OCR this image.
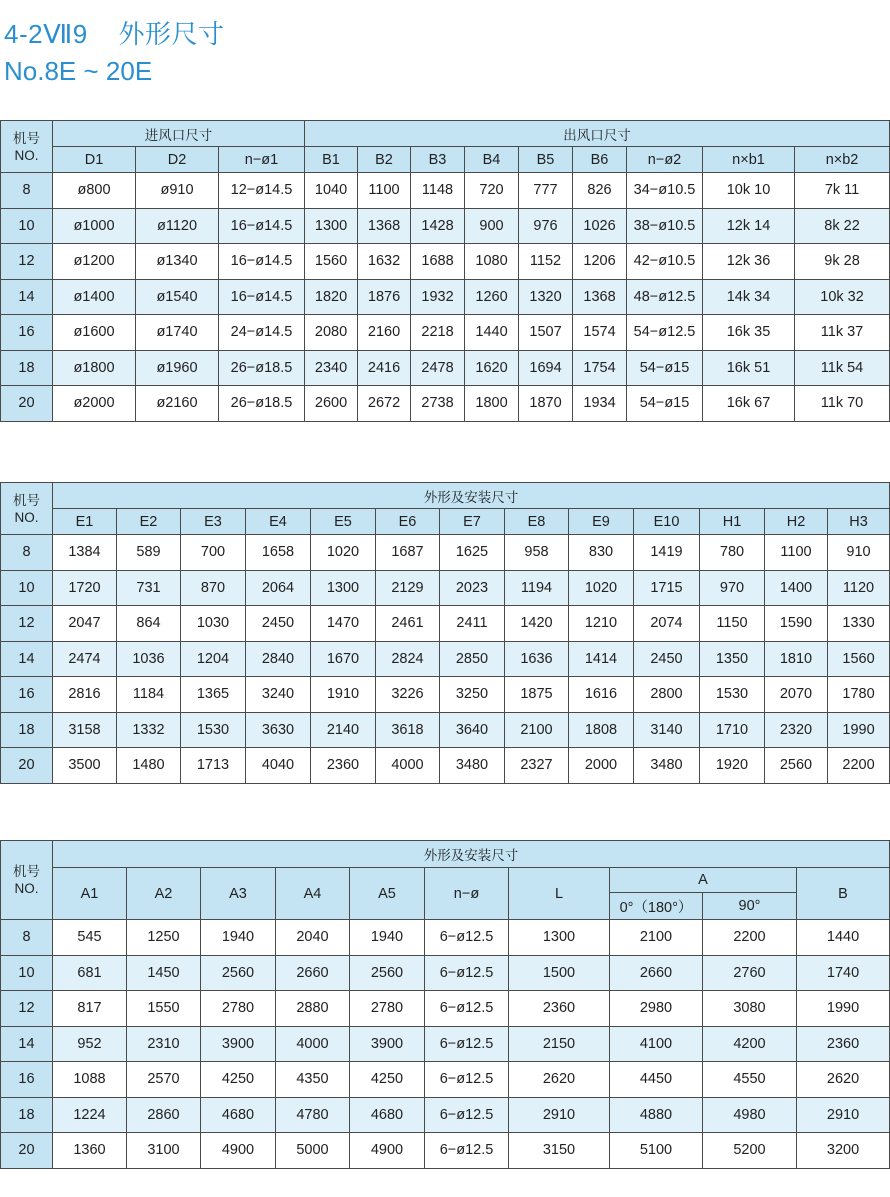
4-2Ⅶ9    外形尺寸
No.8E ~ 20E
机号
NO.	进风口尺寸			出风口尺寸								
	D1	D2	n−ø1	B1	B2	B3	B4	B5	B6	n−ø2	n×b1	n×b2
8	ø800	ø910	12−ø14.5	1040	1100	1148	720	777	826	34−ø10.5	10k 10	7k 11
10	ø1000	ø1120	16−ø14.5	1300	1368	1428	900	976	1026	38−ø10.5	12k 14	8k 22
12	ø1200	ø1340	16−ø14.5	1560	1632	1688	1080	1152	1206	42−ø10.5	12k 36	9k 28
14	ø1400	ø1540	16−ø14.5	1820	1876	1932	1260	1320	1368	48−ø12.5	14k 34	10k 32
16	ø1600	ø1740	24−ø14.5	2080	2160	2218	1440	1507	1574	54−ø12.5	16k 35	11k 37
18	ø1800	ø1960	26−ø18.5	2340	2416	2478	1620	1694	1754	54−ø15	16k 51	11k 54
20	ø2000	ø2160	26−ø18.5	2600	2672	2738	1800	1870	1934	54−ø15	16k 67	11k 70
机号
NO.	外形及安装尺寸												
	E1	E2	E3	E4	E5	E6	E7	E8	E9	E10	H1	H2	H3
8	1384	589	700	1658	1020	1687	1625	958	830	1419	780	1100	910
10	1720	731	870	2064	1300	2129	2023	1194	1020	1715	970	1400	1120
12	2047	864	1030	2450	1470	2461	2411	1420	1210	2074	1150	1590	1330
14	2474	1036	1204	2840	1670	2824	2850	1636	1414	2450	1350	1810	1560
16	2816	1184	1365	3240	1910	3226	3250	1875	1616	2800	1530	2070	1780
18	3158	1332	1530	3630	2140	3618	3640	2100	1808	3140	1710	2320	1990
20	3500	1480	1713	4040	2360	4000	3480	2327	2000	3480	1920	2560	2200
机号
NO.	外形及安装尺寸									
	A1	A2	A3	A4	A5	n−ø	L	A		B
								0°（180°）	90°	
8	545	1250	1940	2040	1940	6−ø12.5	1300	2100	2200	1440
10	681	1450	2560	2660	2560	6−ø12.5	1500	2660	2760	1740
12	817	1550	2780	2880	2780	6−ø12.5	2360	2980	3080	1990
14	952	2310	3900	4000	3900	6−ø12.5	2150	4100	4200	2360
16	1088	2570	4250	4350	4250	6−ø12.5	2620	4450	4550	2620
18	1224	2860	4680	4780	4680	6−ø12.5	2910	4880	4980	2910
20	1360	3100	4900	5000	4900	6−ø12.5	3150	5100	5200	3200
